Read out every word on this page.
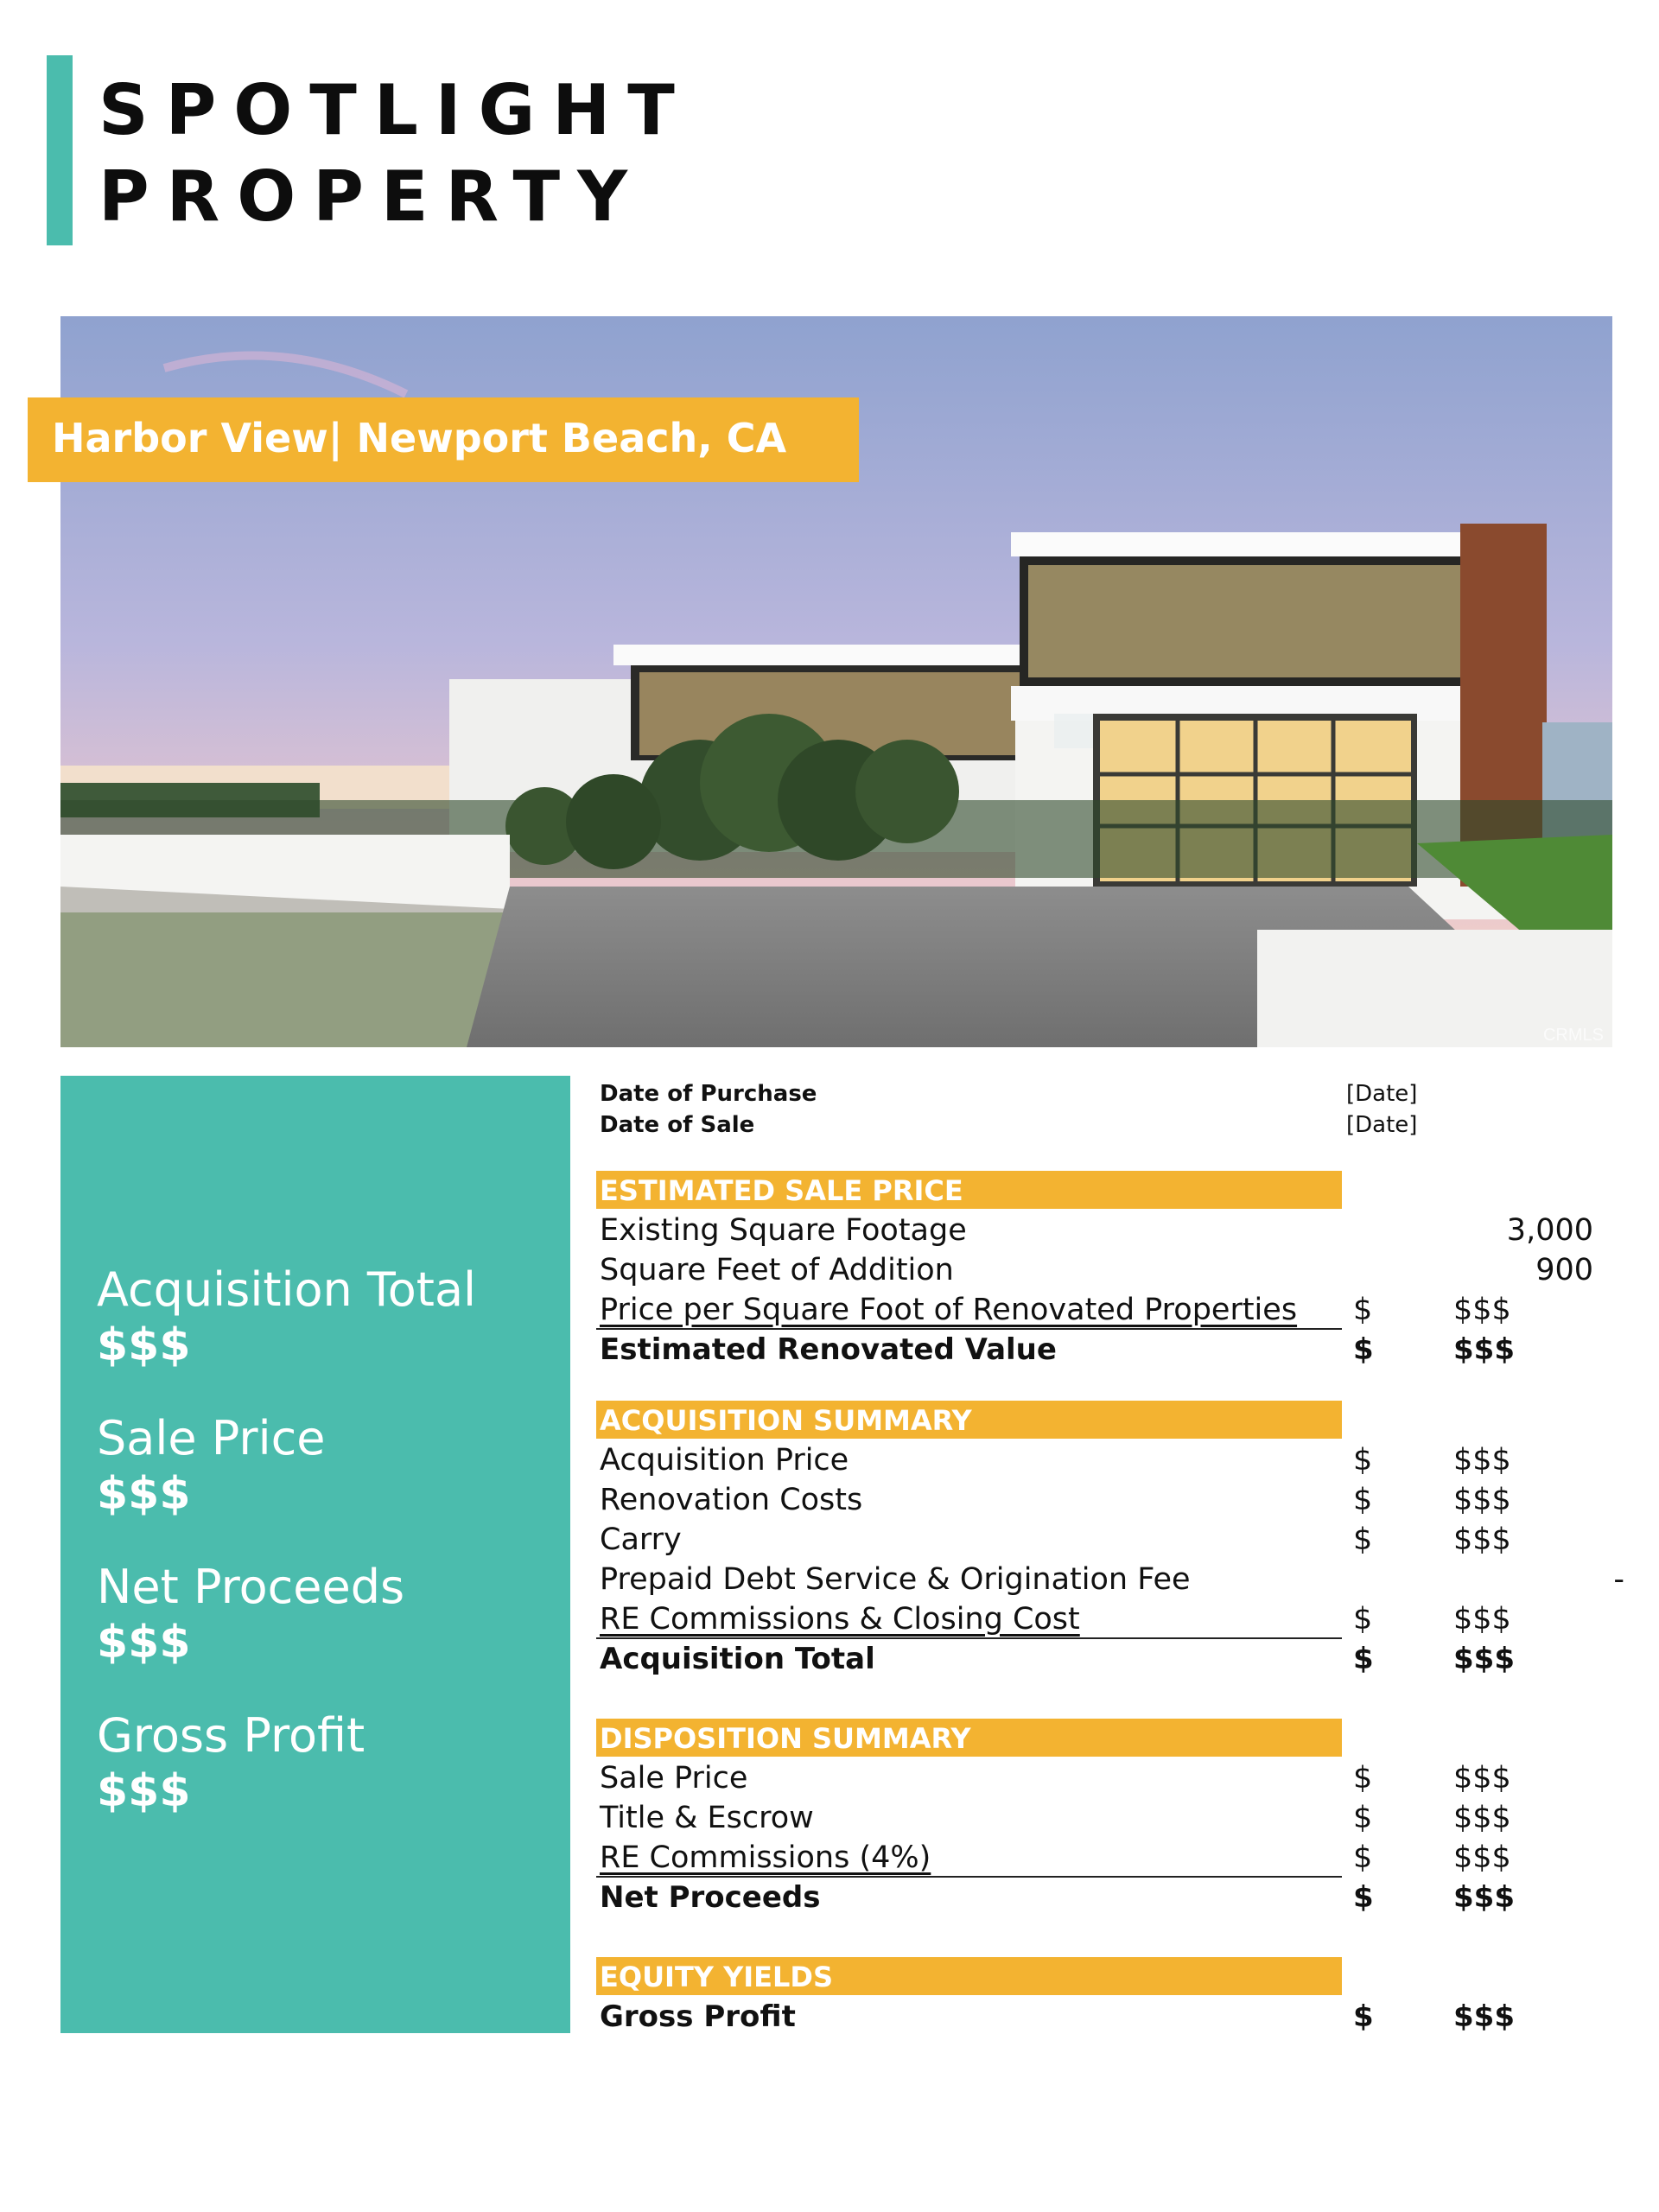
SPOTLIGHT
PROPERTY
CRMLS
Harbor View| Newport Beach, CA
Acquisition Total
$$$
Sale Price
$$$
Net Proceeds
$$$
Gross Profit
$$$
Date of Purchase	[Date]
Date of Sale	[Date]
ESTIMATED SALE PRICE
Existing Square Footage	3,000
Square Feet of Addition	900
Price per Square Foot of Renovated Properties $	$$$
Estimated Renovated Value	$	$$$
ACQUISITION SUMMARY
Acquisition Price	$	$$$
Renovation Costs	$	$$$
Carry	$	$$$
Prepaid Debt Service & Origination Fee	-
RE Commissions & Closing Cost	$	$$$
Acquisition Total	$	$$$
DISPOSITION SUMMARY
Sale Price	$	$$$
Title & Escrow	$	$$$
RE Commissions (4%)	$	$$$
Net Proceeds	$	$$$
EQUITY YIELDS
Gross Profit	$	$$$
